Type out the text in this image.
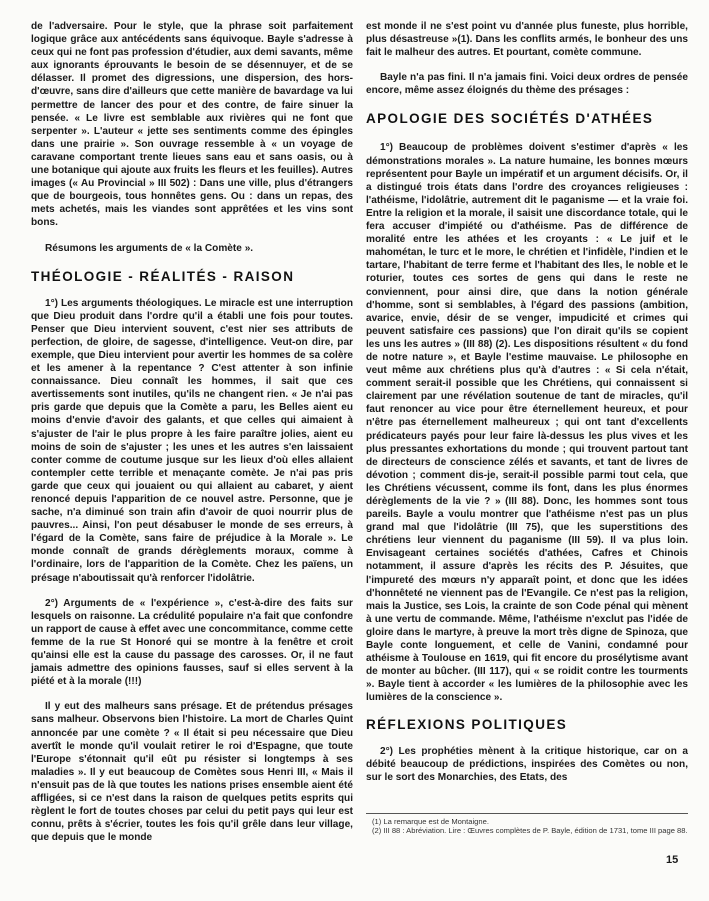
de l'adversaire. Pour le style, que la phrase soit parfaitement logique grâce aux antécédents sans équivoque. Bayle s'adresse à ceux qui ne font pas profession d'étudier, aux demi savants, même aux ignorants éprouvants le besoin de se désennuyer, et de se délasser. Il promet des digressions, une dispersion, des hors-d'œuvre, sans dire d'ailleurs que cette manière de bavardage va lui permettre de lancer des pour et des contre, de faire sinuer la pensée. « Le livre est semblable aux rivières qui ne font que serpenter ». L'auteur « jette ses sentiments comme des épingles dans une prairie ». Son ouvrage ressemble à « un voyage de caravane comportant trente lieues sans eau et sans oasis, ou à une botanique qui ajoute aux fruits les fleurs et les feuilles). Autres images (« Au Provincial » III 502) : Dans une ville, plus d'étrangers que de bourgeois, tous honnêtes gens. Ou : dans un repas, des mets achetés, mais les viandes sont apprêtées et les vins sont bons.

Résumons les arguments de « la Comète ».

THÉOLOGIE - RÉALITÉS - RAISON

1°) Les arguments théologiques. Le miracle est une interruption que Dieu produit dans l'ordre qu'il a établi une fois pour toutes. Penser que Dieu intervient souvent, c'est nier ses attributs de perfection, de gloire, de sagesse, d'intelligence. Veut-on dire, par exemple, que Dieu intervient pour avertir les hommes de sa colère et les amener à la repentance ? C'est attenter à son infinie connaissance. Dieu connaît les hommes, il sait que ces avertissements sont inutiles, qu'ils ne changent rien. « Je n'ai pas pris garde que depuis que la Comète a paru, les Belles aient eu moins d'envie d'avoir des galants, et que celles qui aimaient à s'ajuster de l'air le plus propre à les faire paraître jolies, aient eu moins de soin de s'ajuster ; les unes et les autres s'en laissaient conter comme de coutume jusque sur les lieux d'où elles allaient contempler cette terrible et menaçante comète. Je n'ai pas pris garde que ceux qui jouaient ou qui allaient au cabaret, y aient renoncé depuis l'apparition de ce nouvel astre. Personne, que je sache, n'a diminué son train afin d'avoir de quoi nourrir plus de pauvres... Ainsi, l'on peut désabuser le monde de ses erreurs, à l'égard de la Comète, sans faire de préjudice à la Morale ». Le monde connaît de grands dérèglements moraux, comme à l'ordinaire, lors de l'apparition de la Comète. Chez les païens, un présage n'aboutissait qu'à renforcer l'idolâtrie.

2°) Arguments de « l'expérience », c'est-à-dire des faits sur lesquels on raisonne. La crédulité populaire n'a fait que confondre un rapport de cause à effet avec une concommitance, comme cette femme de la rue St Honoré qui se montre à la fenêtre et croit qu'ainsi elle est la cause du passage des carosses. Or, il ne faut jamais admettre des opinions fausses, sauf si elles servent à la piété et à la morale (!!!)

Il y eut des malheurs sans présage. Et de prétendus présages sans malheur. Observons bien l'histoire. La mort de Charles Quint annoncée par une comète ? « Il était si peu nécessaire que Dieu avertît le monde qu'il voulait retirer le roi d'Espagne, que toute l'Europe s'étonnait qu'il eût pu résister si longtemps à ses maladies ». Il y eut beaucoup de Comètes sous Henri III, « Mais il n'ensuit pas de là que toutes les nations prises ensemble aient été affligées, si ce n'est dans la raison de quelques petits esprits qui règlent le fort de toutes choses par celui du petit pays qui leur est connu, prêts à s'écrier, toutes les fois qu'il grêle dans leur village, que depuis que le monde

est monde il ne s'est point vu d'année plus funeste, plus horrible, plus désastreuse »(1). Dans les conflits armés, le bonheur des uns fait le malheur des autres. Et pourtant, comète commune.

Bayle n'a pas fini. Il n'a jamais fini. Voici deux ordres de pensée encore, même assez éloignés du thème des présages :

APOLOGIE DES SOCIÉTÉS D'ATHÉES

1°) Beaucoup de problèmes doivent s'estimer d'après « les démonstrations morales ». La nature humaine, les bonnes mœurs représentent pour Bayle un impératif et un argument décisifs. Or, il a distingué trois états dans l'ordre des croyances religieuses : l'athéisme, l'idolâtrie, autrement dit le paganisme — et la vraie foi. Entre la religion et la morale, il saisit une discordance totale, qui le fera accuser d'impiété ou d'athéisme. Pas de différence de moralité entre les athées et les croyants : « Le juif et le mahométan, le turc et le more, le chrétien et l'infidèle, l'indien et le tartare, l'habitant de terre ferme et l'habitant des Iles, le noble et le roturier, toutes ces sortes de gens qui dans le reste ne conviennent, pour ainsi dire, que dans la notion générale d'homme, sont si semblables, à l'égard des passions (ambition, avarice, envie, désir de se venger, impudicité et crimes qui peuvent satisfaire ces passions) que l'on dirait qu'ils se copient les uns les autres » (III 88) (2). Les dispositions résultent « du fond de notre nature », et Bayle l'estime mauvaise. Le philosophe en veut même aux chrétiens plus qu'à d'autres : « Si cela n'était, comment serait-il possible que les Chrétiens, qui connaissent si clairement par une révélation soutenue de tant de miracles, qu'il faut renoncer au vice pour être éternellement heureux, et pour n'être pas éternellement malheureux ; qui ont tant d'excellents prédicateurs payés pour leur faire là-dessus les plus vives et les plus pressantes exhortations du monde ; qui trouvent partout tant de directeurs de conscience zélés et savants, et tant de livres de dévotion ; comment dis-je, serait-il possible parmi tout cela, que les Chrétiens vécussent, comme ils font, dans les plus énormes dérèglements de la vie ? » (III 88). Donc, les hommes sont tous pareils. Bayle a voulu montrer que l'athéisme n'est pas un plus grand mal que l'idolâtrie (III 75), que les superstitions des chrétiens leur viennent du paganisme (III 59). Il va plus loin. Envisageant certaines sociétés d'athées, Cafres et Chinois notamment, il assure d'après les récits des P. Jésuites, que l'impureté des mœurs n'y apparaît point, et donc que les idées d'honnêteté ne viennent pas de l'Evangile. Ce n'est pas la religion, mais la Justice, ses Lois, la crainte de son Code pénal qui mènent à une vertu de commande. Même, l'athéisme n'exclut pas l'idée de gloire dans le martyre, à preuve la mort très digne de Spinoza, que Bayle conte longuement, et celle de Vanini, condamné pour athéisme à Toulouse en 1619, qui fit encore du prosélytisme avant de monter au bûcher. (III 117), qui « se roidit contre les tourments ». Bayle tient à accorder « les lumières de la philosophie avec les lumières de la conscience ».

RÉFLEXIONS POLITIQUES

2°) Les prophéties mènent à la critique historique, car on a débité beaucoup de prédictions, inspirées des Comètes ou non, sur le sort des Monarchies, des Etats, des

(1) La remarque est de Montaigne.
(2) III 88 : Abréviation. Lire : Œuvres complètes de P. Bayle, édition de 1731, tome III page 88.
15
